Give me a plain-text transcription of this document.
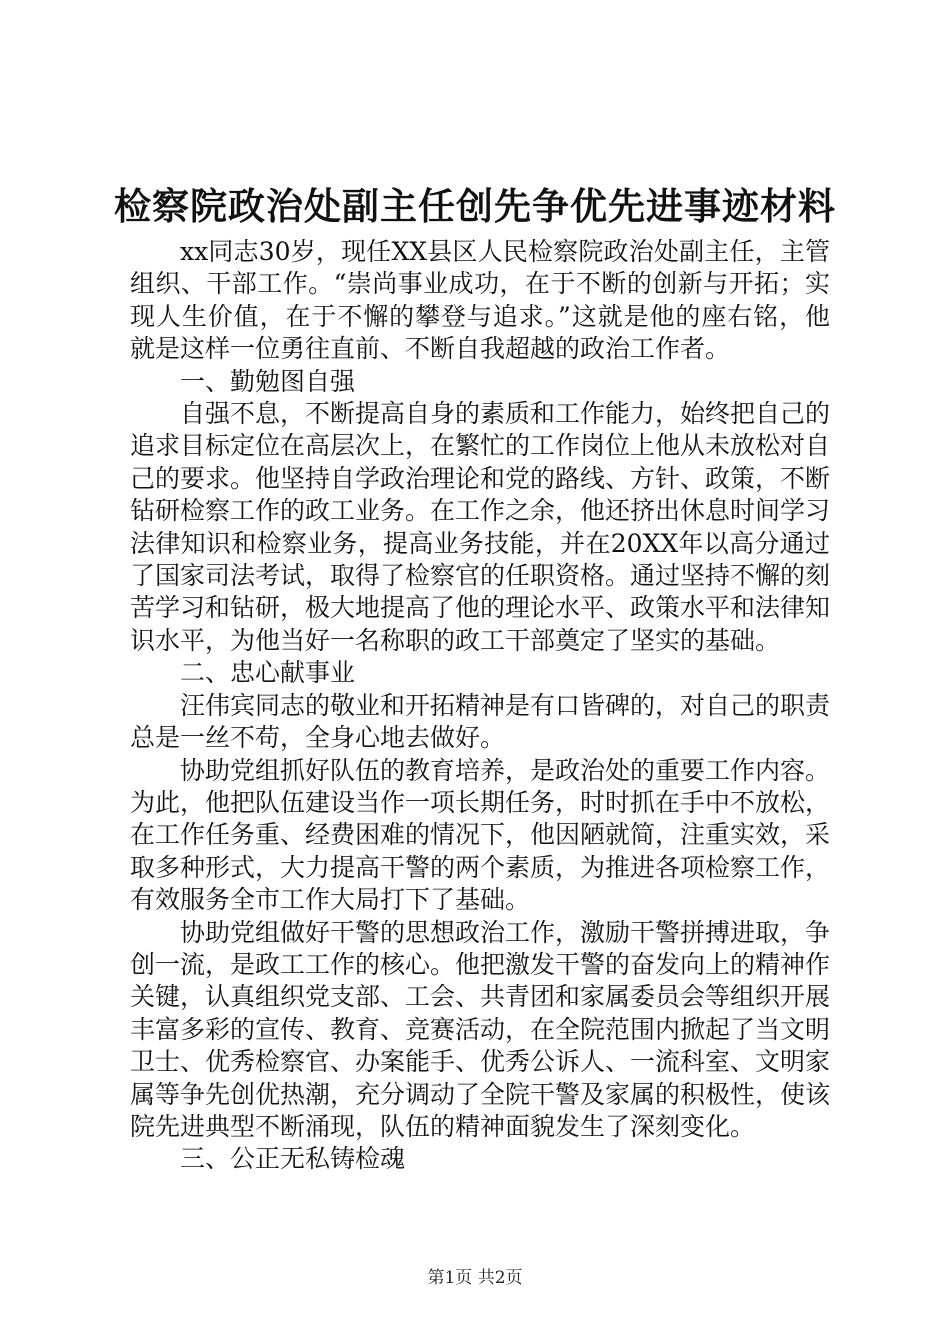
检察院政治处副主任创先争优先进事迹材料

xx同志30岁，现任XX县区人民检察院政治处副主任，主管组织、干部工作。“崇尚事业成功，在于不断的创新与开拓；实现人生价值，在于不懈的攀登与追求。”这就是他的座右铭，他就是这样一位勇往直前、不断自我超越的政治工作者。

一、勤勉图自强

自强不息，不断提高自身的素质和工作能力，始终把自己的追求目标定位在高层次上，在繁忙的工作岗位上他从未放松对自己的要求。他坚持自学政治理论和党的路线、方针、政策，不断钻研检察工作的政工业务。在工作之余，他还挤出休息时间学习法律知识和检察业务，提高业务技能，并在20XX年以高分通过了国家司法考试，取得了检察官的任职资格。通过坚持不懈的刻苦学习和钻研，极大地提高了他的理论水平、政策水平和法律知识水平，为他当好一名称职的政工干部奠定了坚实的基础。

二、忠心献事业

汪伟宾同志的敬业和开拓精神是有口皆碑的，对自己的职责总是一丝不苟，全身心地去做好。

协助党组抓好队伍的教育培养，是政治处的重要工作内容。为此，他把队伍建设当作一项长期任务，时时抓在手中不放松，在工作任务重、经费困难的情况下，他因陋就简，注重实效，采取多种形式，大力提高干警的两个素质，为推进各项检察工作，有效服务全市工作大局打下了基础。

协助党组做好干警的思想政治工作，激励干警拼搏进取，争创一流，是政工工作的核心。他把激发干警的奋发向上的精神作关键，认真组织党支部、工会、共青团和家属委员会等组织开展丰富多彩的宣传、教育、竞赛活动，在全院范围内掀起了当文明卫士、优秀检察官、办案能手、优秀公诉人、一流科室、文明家属等争先创优热潮，充分调动了全院干警及家属的积极性，使该院先进典型不断涌现，队伍的精神面貌发生了深刻变化。

三、公正无私铸检魂

第1页 共2页
